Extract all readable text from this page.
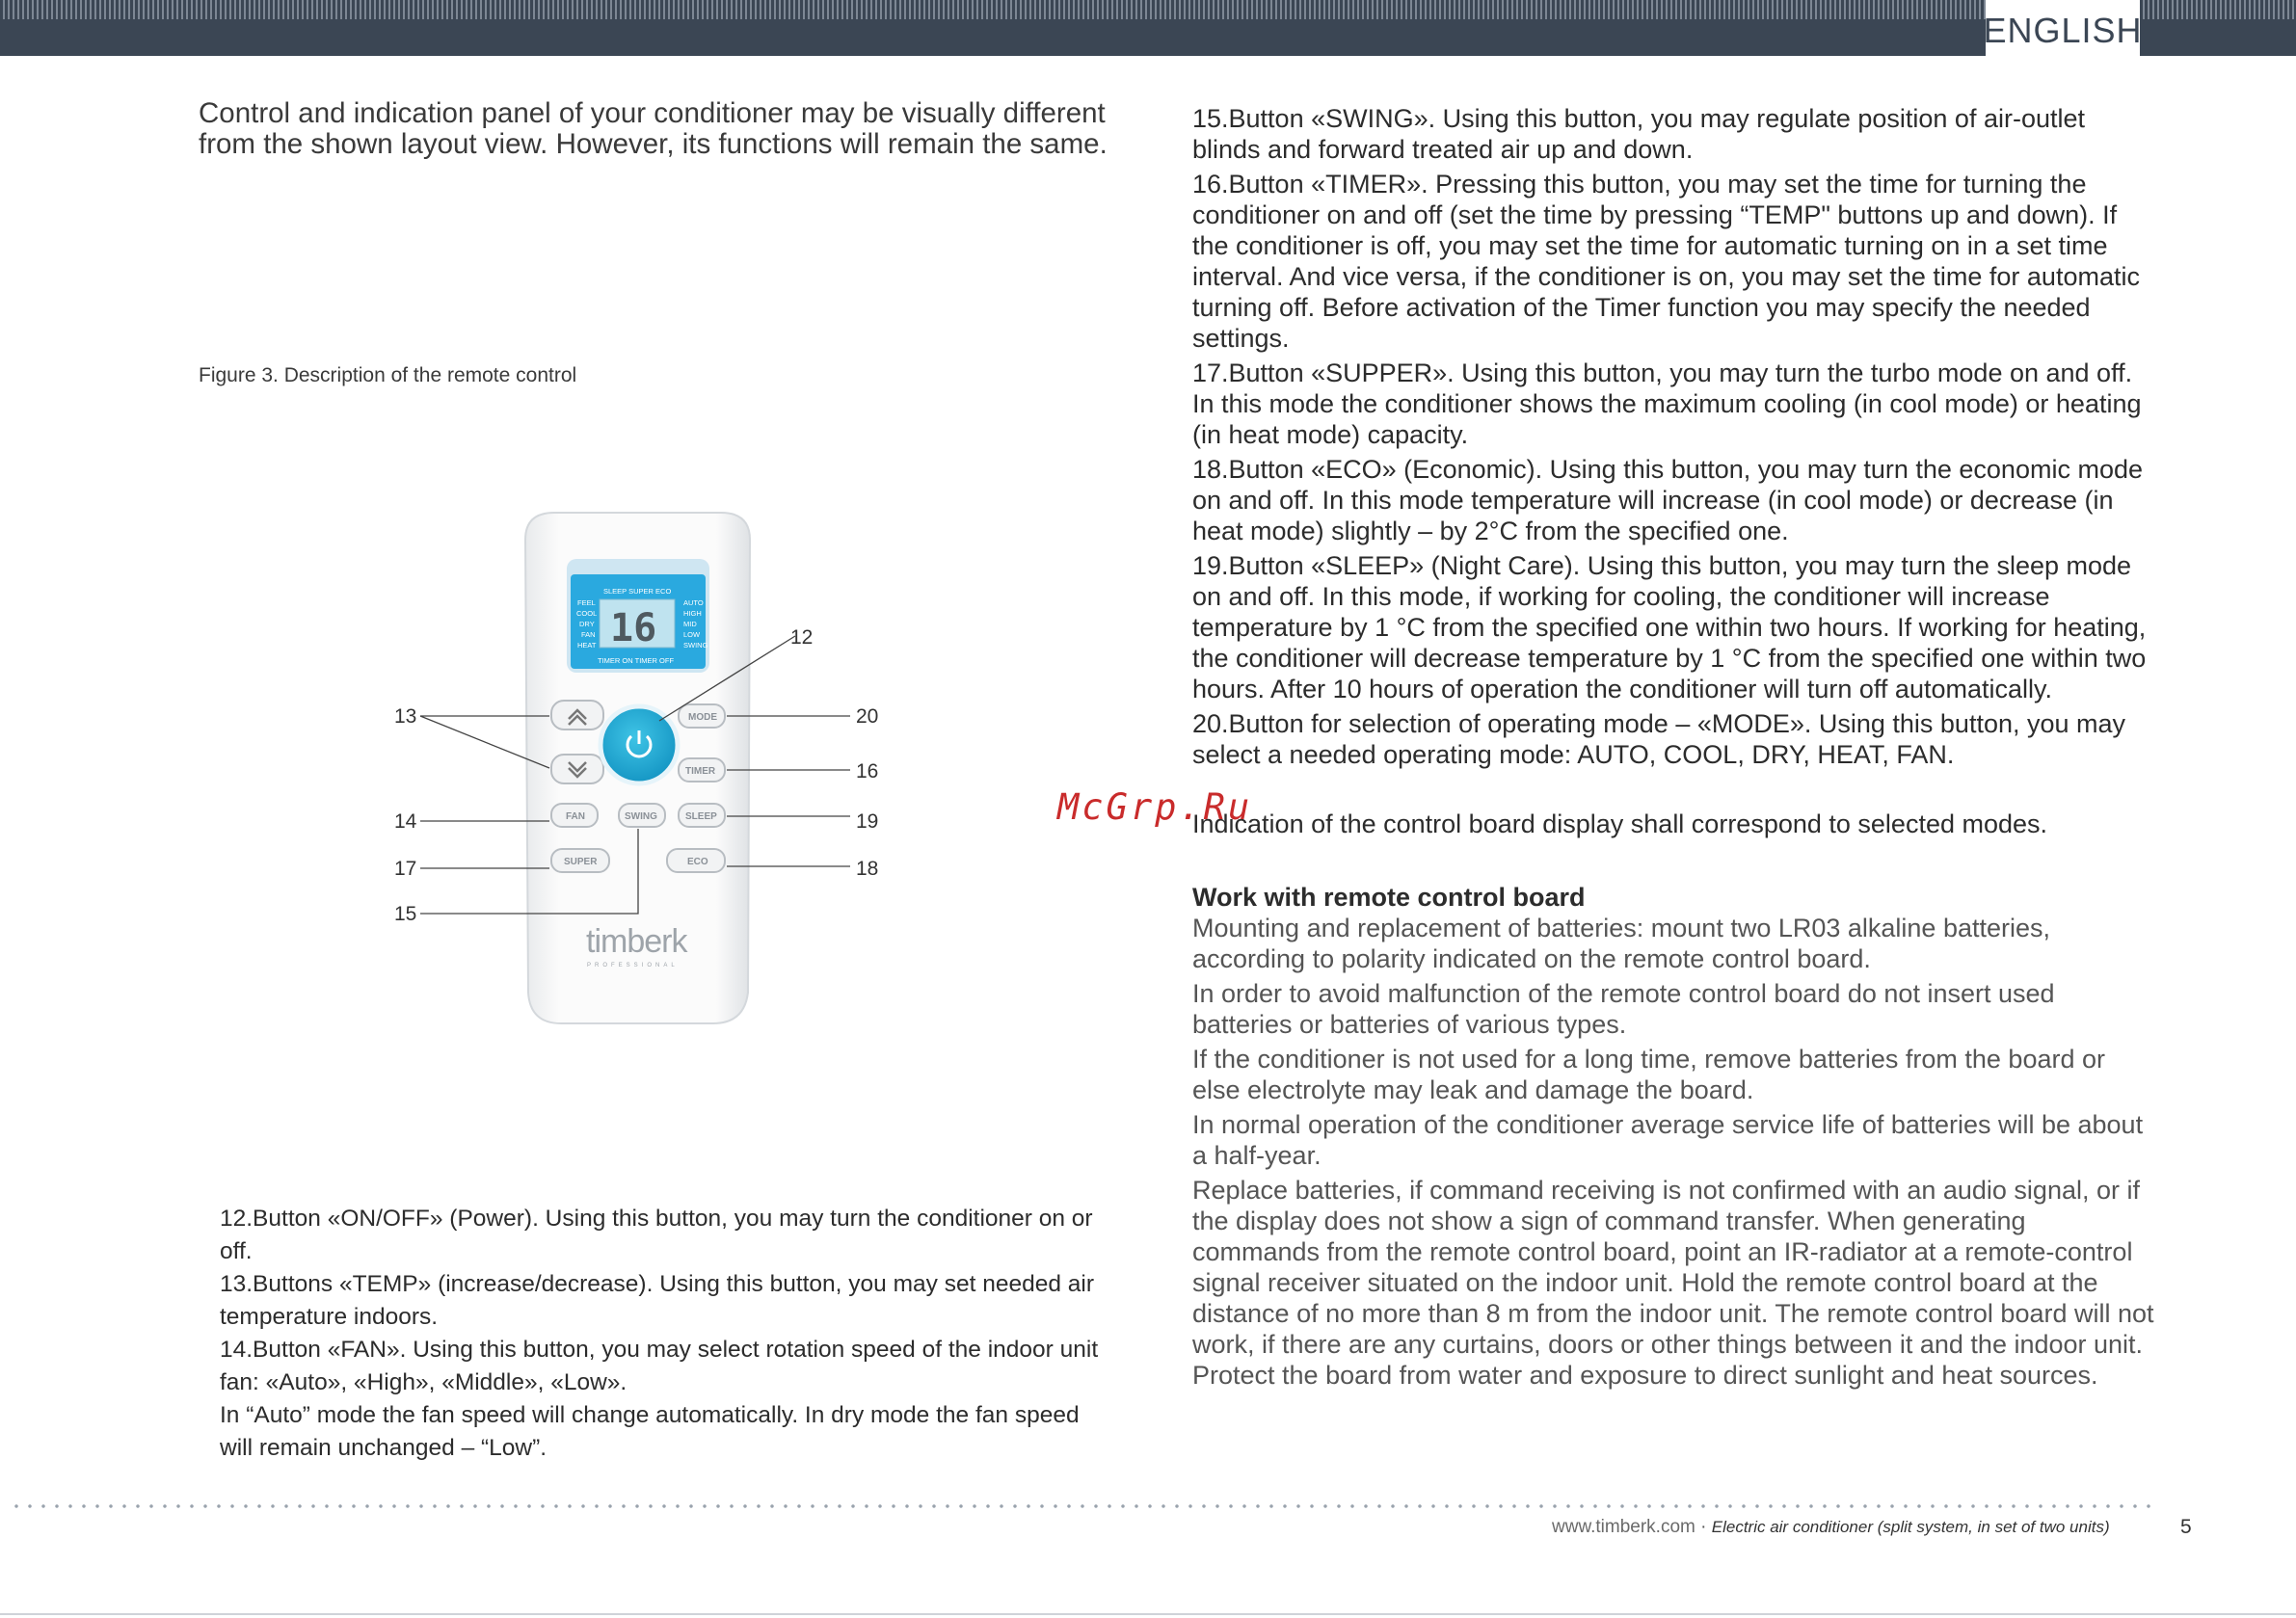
ENGLISH
Control and indication panel of your conditioner may be visually different from the shown layout view. However, its functions will remain the same.
Figure 3. Description of the remote control
SLEEP SUPER ECO
FEEL
COOL
DRY
FAN
HEAT 16
AUTO
HIGH
MID
LOW
SWING
TIMER ON TIMER OFF
MODE
TIMER
FAN	SWING	SLEEP
SUPER	ECO
timberk
PROFESSIONAL
12
13	20
16
14	19
17	18
15

12.Button «ON/OFF» (Power). Using this button, you may turn the conditioner on or off.

13.Buttons «TEMP» (increase/decrease). Using this button, you may set needed air temperature indoors.

14.Button «FAN». Using this button, you may select rotation speed of the indoor unit fan: «Auto», «High», «Middle», «Low».

In “Auto” mode the fan speed will change automatically. In dry mode the fan speed will remain unchanged – “Low”.

15.Button «SWING». Using this button, you may regulate position of air-outlet blinds and forward treated air up and down.

16.Button «TIMER». Pressing this button, you may set the time for turning the conditioner on and off (set the time by pressing “TEMP" buttons up and down). If the conditioner is off, you may set the time for automatic turning on in a set time interval. And vice versa, if the conditioner is on, you may set the time for automatic turning off. Before activation of the Timer function you may specify the needed settings.

17.Button «SUPPER». Using this button, you may turn the turbo mode on and off. In this mode the conditioner shows the maximum cooling (in cool mode) or heating (in heat mode) capacity.

18.Button «ECO» (Economic). Using this button, you may turn the economic mode on and off. In this mode temperature will increase (in cool mode) or decrease (in heat mode) slightly – by 2°C from the specified one.

19.Button «SLEEP» (Night Care). Using this button, you may turn the sleep mode on and off. In this mode, if working for cooling, the conditioner will increase temperature by 1 °C from the specified one within two hours. If working for heating, the conditioner will decrease temperature by 1 °C from the specified one within two hours. After 10 hours of operation the conditioner will turn off automatically.

20.Button for selection of operating mode – «MODE». Using this button, you may select a needed operating mode: AUTO, COOL, DRY, HEAT, FAN.

Indication of the control board display shall correspond to selected modes.

Work with remote control board

Mounting and replacement of batteries: mount two LR03 alkaline batteries, according to polarity indicated on the remote control board.

In order to avoid malfunction of the remote control board do not insert used batteries or batteries of various types.

If the conditioner is not used for a long time, remove batteries from the board or else electrolyte may leak and damage the board.

In normal operation of the conditioner average service life of batteries will be about a half-year.

Replace batteries, if command receiving is not confirmed with an audio signal, or if the display does not show a sign of command transfer. When generating commands from the remote control board, point an IR-radiator at a remote-control signal receiver situated on the indoor unit. Hold the remote control board at the distance of no more than 8 m from the indoor unit. The remote control board will not work, if there are any curtains, doors or other things between it and the indoor unit. Protect the board from water and exposure to direct sunlight and heat sources.

McGrp.Ru
www.timberk.com · Electric air conditioner (split system, in set of two units)	5
